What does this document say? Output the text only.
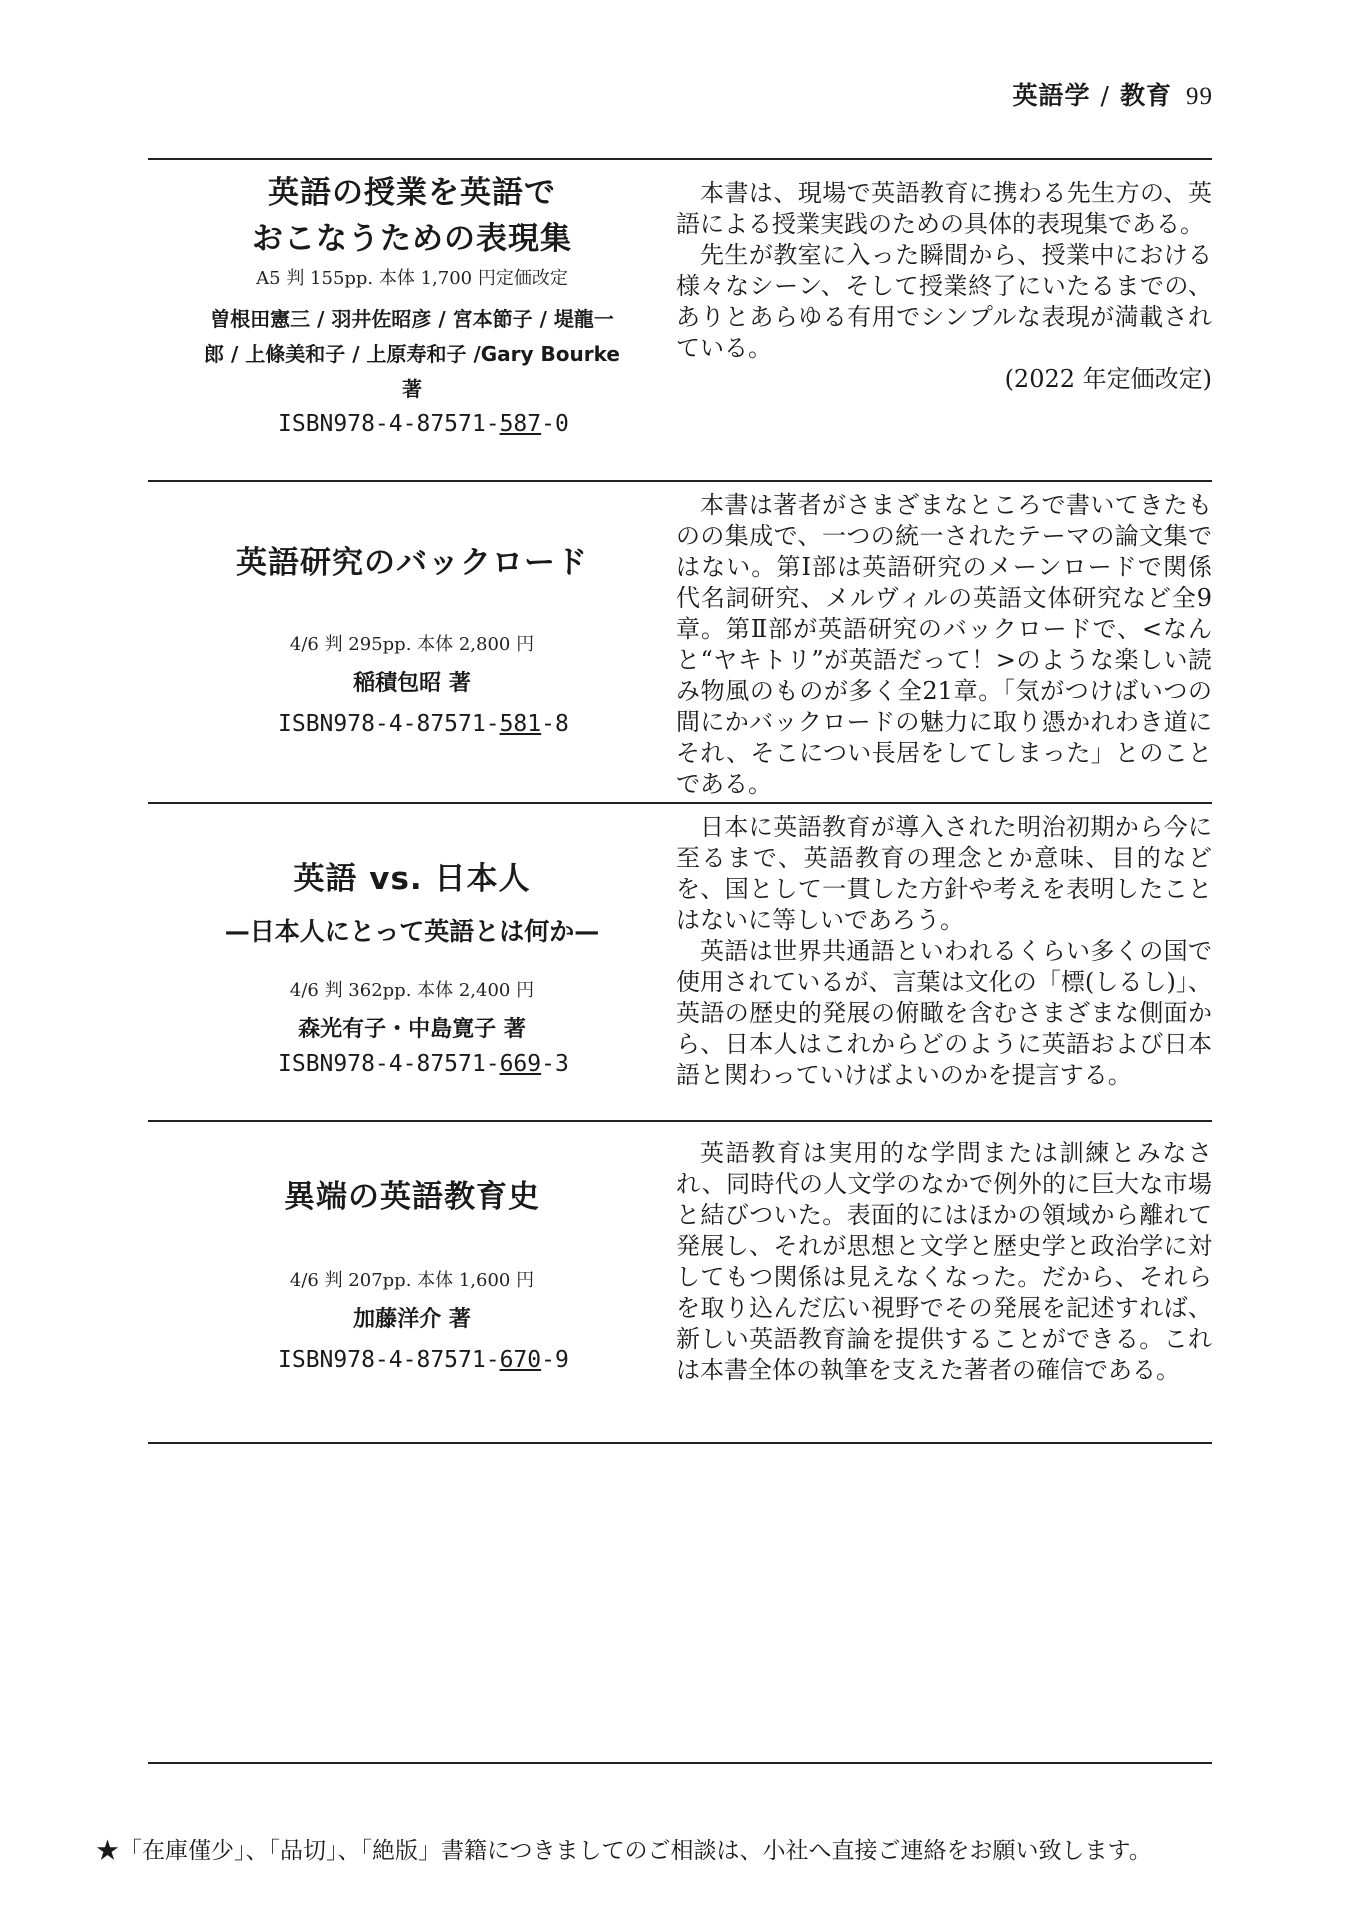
英語学 / 教育 99

英語の授業を英語で
おこなうための表現集

A5 判 155pp. 本体 1,700 円定価改定

曽根田憲三 / 羽井佐昭彦 / 宮本節子 / 堤龍一
郎 / 上條美和子 / 上原寿和子 /Gary Bourke
著

ISBN978-4-87571-587-0

本書は、現場で英語教育に携わる先生方の、英語による授業実践のための具体的表現集である。

先生が教室に入った瞬間から、授業中における様々なシーン、そして授業終了にいたるまでの、ありとあらゆる有用でシンプルな表現が満載されている。

(2022 年定価改定)

英語研究のバックロード

4/6 判 295pp. 本体 2,800 円

稲積包昭 著

ISBN978-4-87571-581-8

本書は著者がさまざまなところで書いてきたものの集成で、一つの統一されたテーマの論文集ではない。第Ⅰ部は英語研究のメーンロードで関係代名詞研究、メルヴィルの英語文体研究など全9章。第Ⅱ部が英語研究のバックロードで、<なんと“ヤキトリ”が英語だって！>のような楽しい読み物風のものが多く全21章。「気がつけばいつの間にかバックロードの魅力に取り憑かれわき道にそれ、そこについ長居をしてしまった」とのことである。

英語 vs. 日本人

—日本人にとって英語とは何か—

4/6 判 362pp. 本体 2,400 円

森光有子・中島寛子 著

ISBN978-4-87571-669-3

日本に英語教育が導入された明治初期から今に至るまで、英語教育の理念とか意味、目的などを、国として一貫した方針や考えを表明したことはないに等しいであろう。

英語は世界共通語といわれるくらい多くの国で使用されているが、言葉は文化の「標(しるし)」、英語の歴史的発展の俯瞰を含むさまざまな側面から、日本人はこれからどのように英語および日本語と関わっていけばよいのかを提言する。

異端の英語教育史

4/6 判 207pp. 本体 1,600 円

加藤洋介 著

ISBN978-4-87571-670-9

英語教育は実用的な学問または訓練とみなされ、同時代の人文学のなかで例外的に巨大な市場と結びついた。表面的にはほかの領域から離れて発展し、それが思想と文学と歴史学と政治学に対してもつ関係は見えなくなった。だから、それらを取り込んだ広い視野でその発展を記述すれば、新しい英語教育論を提供することができる。これは本書全体の執筆を支えた著者の確信である。

★「在庫僅少」、「品切」、「絶版」書籍につきましてのご相談は、小社へ直接ご連絡をお願い致します。
